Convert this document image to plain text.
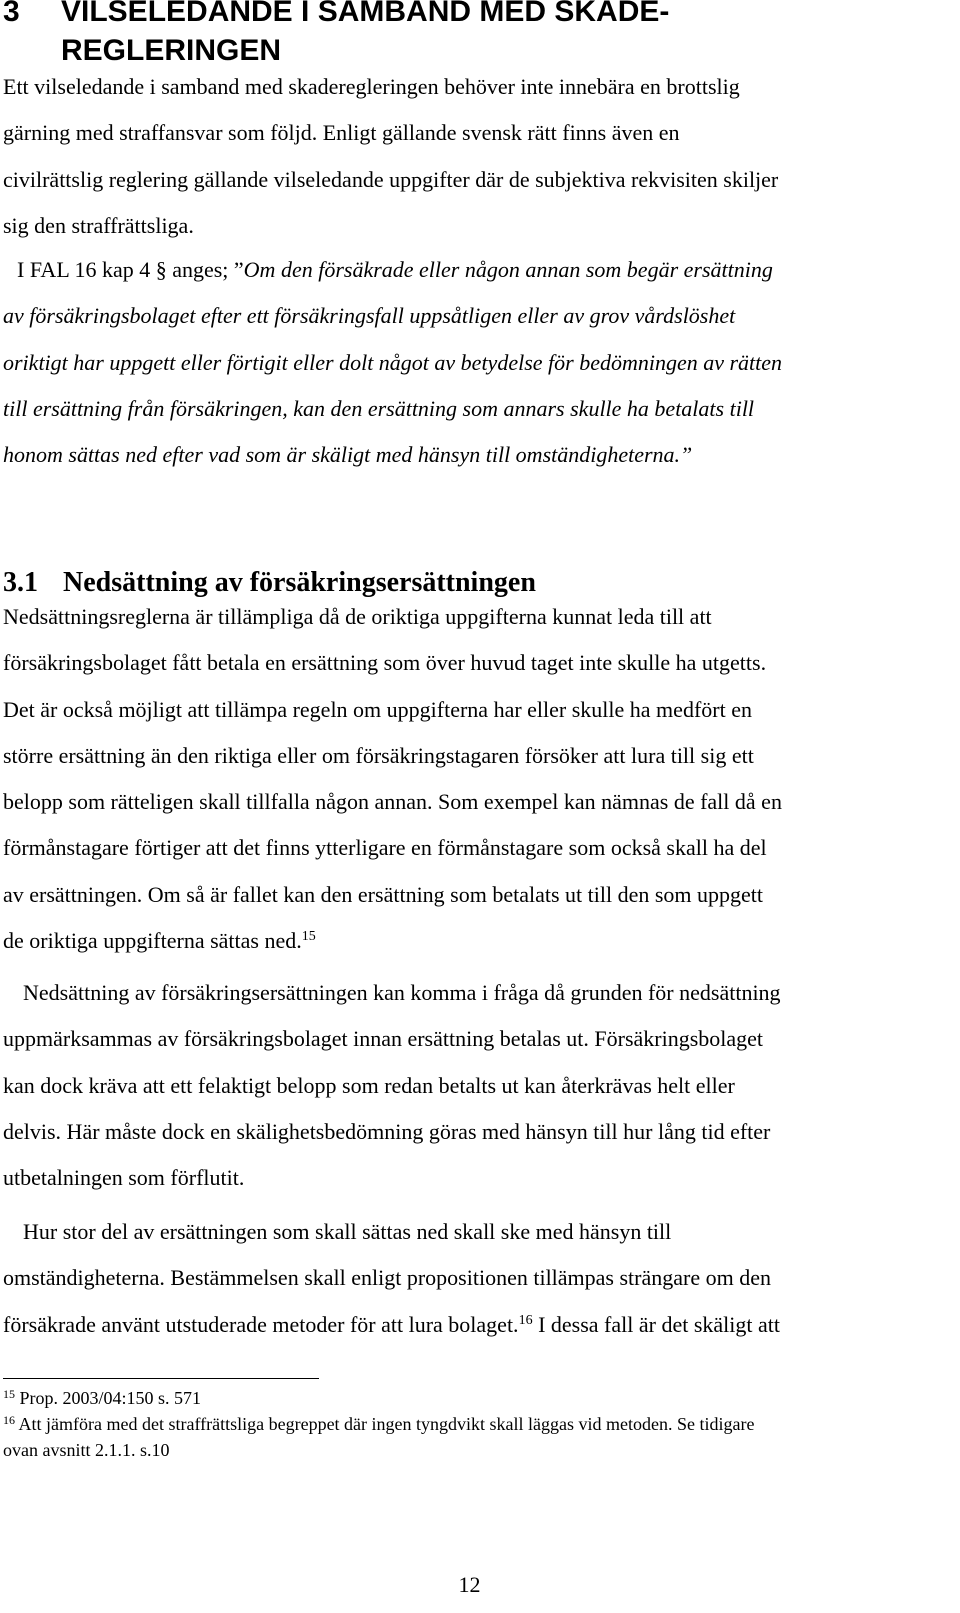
3 VILSELEDANDE I SAMBAND MED SKADE-
REGLERINGEN
Ett vilseledande i samband med skaderegleringen behöver inte innebära en brottslig
gärning med straffansvar som följd. Enligt gällande svensk rätt finns även en
civilrättslig reglering gällande vilseledande uppgifter där de subjektiva rekvisiten skiljer
sig den straffrättsliga.
I FAL 16 kap 4 § anges; ”Om den försäkrade eller någon annan som begär ersättning
av försäkringsbolaget efter ett försäkringsfall uppsåtligen eller av grov vårdslöshet
oriktigt har uppgett eller förtigit eller dolt något av betydelse för bedömningen av rätten
till ersättning från försäkringen, kan den ersättning som annars skulle ha betalats till
honom sättas ned efter vad som är skäligt med hänsyn till omständigheterna.”
3.1 Nedsättning av försäkringsersättningen
Nedsättningsreglerna är tillämpliga då de oriktiga uppgifterna kunnat leda till att
försäkringsbolaget fått betala en ersättning som över huvud taget inte skulle ha utgetts.
Det är också möjligt att tillämpa regeln om uppgifterna har eller skulle ha medfört en
större ersättning än den riktiga eller om försäkringstagaren försöker att lura till sig ett
belopp som rätteligen skall tillfalla någon annan. Som exempel kan nämnas de fall då en
förmånstagare förtiger att det finns ytterligare en förmånstagare som också skall ha del
av ersättningen. Om så är fallet kan den ersättning som betalats ut till den som uppgett
de oriktiga uppgifterna sättas ned.$^{15}$
Nedsättning av försäkringsersättningen kan komma i fråga då grunden för nedsättning
uppmärksammas av försäkringsbolaget innan ersättning betalas ut. Försäkringsbolaget
kan dock kräva att ett felaktigt belopp som redan betalts ut kan återkrävas helt eller
delvis. Här måste dock en skälighetsbedömning göras med hänsyn till hur lång tid efter
utbetalningen som förflutit.
Hur stor del av ersättningen som skall sättas ned skall ske med hänsyn till
omständigheterna. Bestämmelsen skall enligt propositionen tillämpas strängare om den
försäkrade använt utstuderade metoder för att lura bolaget.$^{16}$ I dessa fall är det skäligt att
$^{15}$ Prop. 2003/04:150 s. 571
$^{16}$ Att jämföra med det straffrättsliga begreppet där ingen tyngdvikt skall läggas vid metoden. Se tidigare
ovan avsnitt 2.1.1. s.10
12
